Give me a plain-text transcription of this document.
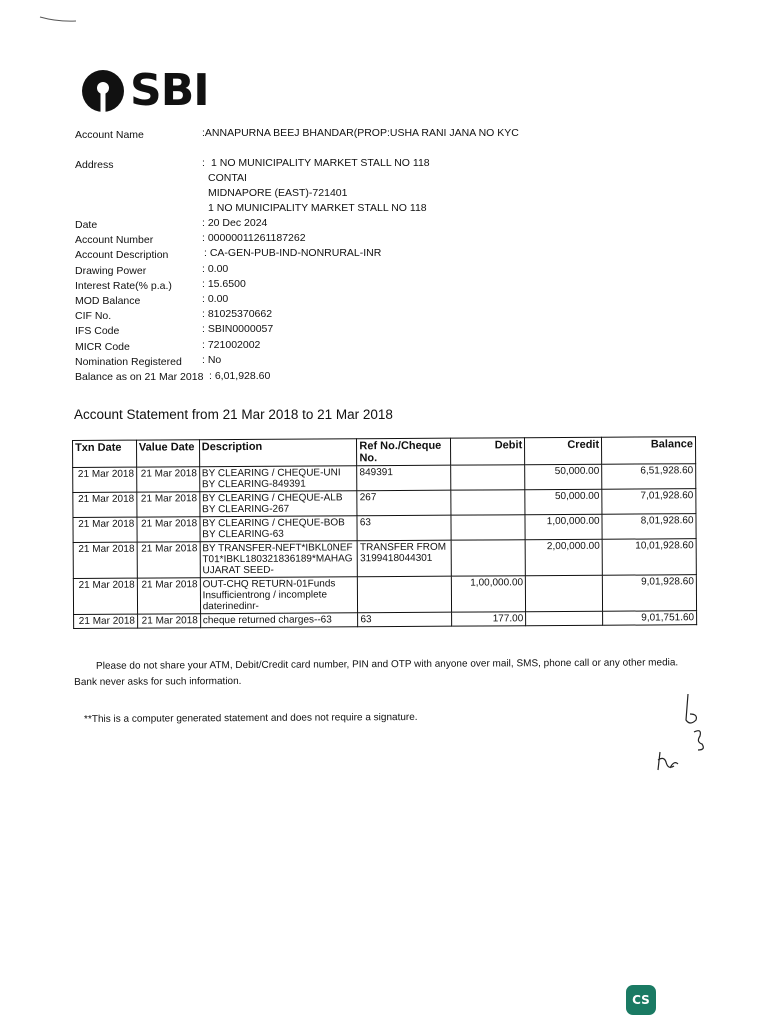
SBI
Account Name	:ANNAPURNA BEEJ BHANDAR(PROP:USHA RANI JANA NO KYC
Address	: 1 NO MUNICIPALITY MARKET STALL NO 118
CONTAI
MIDNAPORE (EAST)-721401
1 NO MUNICIPALITY MARKET STALL NO 118
Date	: 20 Dec 2024
Account Number	: 00000011261187262
Account Description	: CA-GEN-PUB-IND-NONRURAL-INR
Drawing Power	: 0.00
Interest Rate(% p.a.)	: 15.6500
MOD Balance	: 0.00
CIF No.	: 81025370662
IFS Code	: SBIN0000057
MICR Code	: 721002002
Nomination Registered : No
Balance as on 21 Mar 2018 : 6,01,928.60
Account Statement from 21 Mar 2018 to 21 Mar 2018
Txn Date	Value Date	Description	Ref No./Cheque No.	Debit	Credit	Balance
21 Mar 2018	21 Mar 2018	BY CLEARING / CHEQUE-UNI BY CLEARING-849391	849391		50,000.00	6,51,928.60
21 Mar 2018	21 Mar 2018	BY CLEARING / CHEQUE-ALB BY CLEARING-267	267		50,000.00	7,01,928.60
21 Mar 2018	21 Mar 2018	BY CLEARING / CHEQUE-BOB BY CLEARING-63	63		1,00,000.00	8,01,928.60
21 Mar 2018	21 Mar 2018	BY TRANSFER-NEFT*IBKL0NEFT01*IBKL180321836189*MAHAGUJARAT SEED-	TRANSFER FROM 3199418044301		2,00,000.00	10,01,928.60
21 Mar 2018	21 Mar 2018	OUT-CHQ RETURN-01Funds Insufficientrong / incomplete daterinedinr-		1,00,000.00		9,01,928.60
21 Mar 2018	21 Mar 2018	cheque returned charges--63	63	177.00		9,01,751.60
Please do not share your ATM, Debit/Credit card number, PIN and OTP with anyone over mail, SMS, phone call or any other media. Bank never asks for such information.
**This is a computer generated statement and does not require a signature.
CS
